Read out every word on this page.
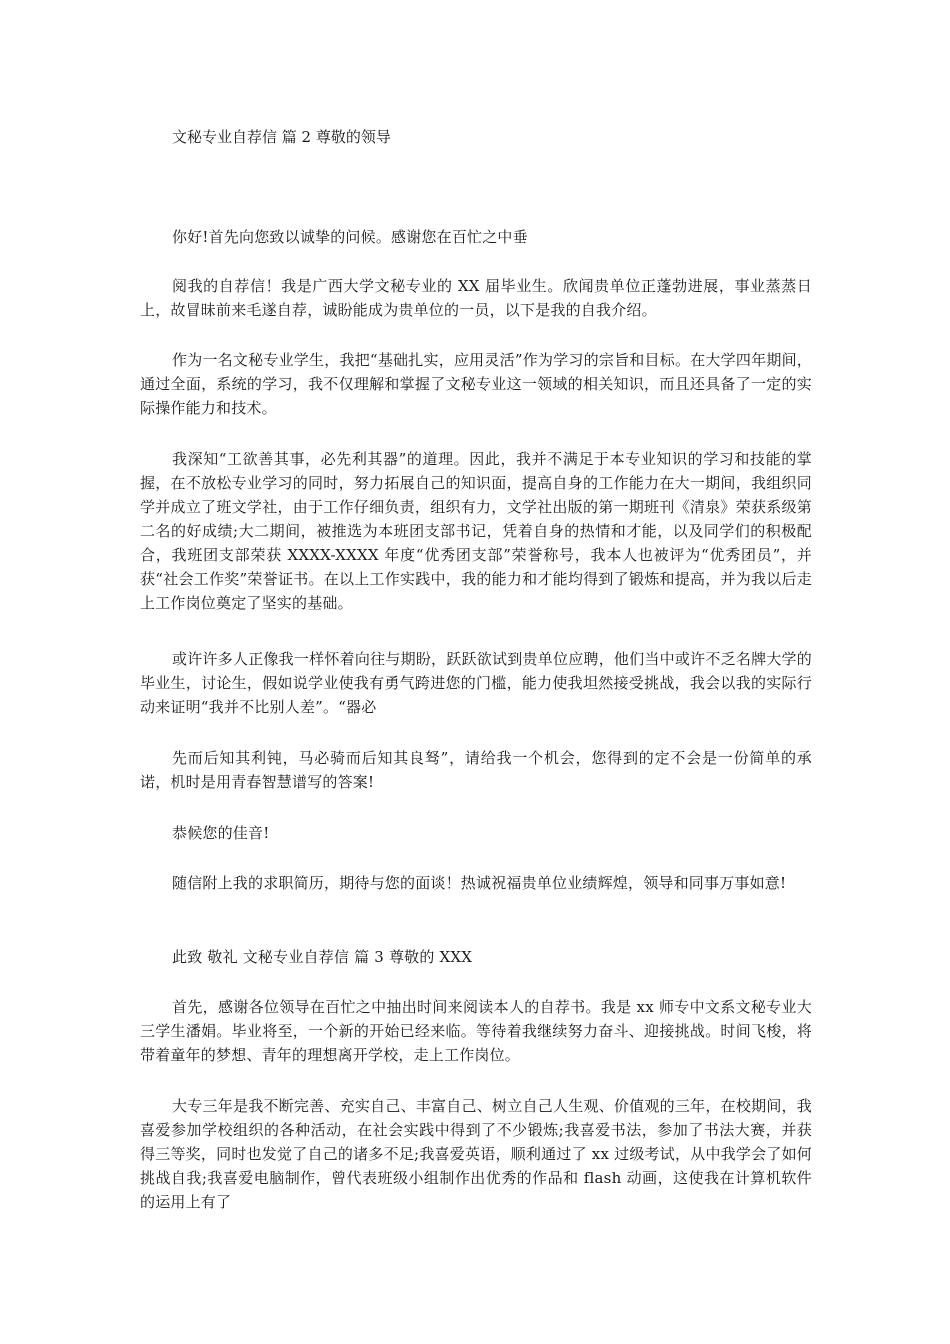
文秘专业自荐信 篇 2 尊敬的领导

你好!首先向您致以诚挚的问候。感谢您在百忙之中垂

阅我的自荐信！我是广西大学文秘专业的 XX 届毕业生。欣闻贵单位正蓬勃进展，事业蒸蒸日上，故冒昧前来毛遂自荐，诚盼能成为贵单位的一员，以下是我的自我介绍。

作为一名文秘专业学生，我把“基础扎实，应用灵活”作为学习的宗旨和目标。在大学四年期间，通过全面，系统的学习，我不仅理解和掌握了文秘专业这一领域的相关知识，而且还具备了一定的实际操作能力和技术。

我深知“工欲善其事，必先利其器”的道理。因此，我并不满足于本专业知识的学习和技能的掌握，在不放松专业学习的同时，努力拓展自己的知识面，提高自身的工作能力在大一期间，我组织同学并成立了班文学社，由于工作仔细负责，组织有力，文学社出版的第一期班刊《清泉》荣获系级第二名的好成绩;大二期间，被推选为本班团支部书记，凭着自身的热情和才能，以及同学们的积极配合，我班团支部荣获 XXXX-XXXX 年度“优秀团支部”荣誉称号，我本人也被评为“优秀团员”，并获“社会工作奖”荣誉证书。在以上工作实践中，我的能力和才能均得到了锻炼和提高，并为我以后走上工作岗位奠定了坚实的基础。

或许许多人正像我一样怀着向往与期盼，跃跃欲试到贵单位应聘，他们当中或许不乏名牌大学的毕业生，讨论生，假如说学业使我有勇气跨进您的门槛，能力使我坦然接受挑战，我会以我的实际行动来证明“我并不比别人差”。“器必

先而后知其利钝，马必骑而后知其良驽”，请给我一个机会，您得到的定不会是一份简单的承诺，机时是用青春智慧谱写的答案!

恭候您的佳音!

随信附上我的求职简历，期待与您的面谈！热诚祝福贵单位业绩辉煌，领导和同事万事如意!

此致 敬礼 文秘专业自荐信 篇 3 尊敬的 XXX

首先，感谢各位领导在百忙之中抽出时间来阅读本人的自荐书。我是 xx 师专中文系文秘专业大三学生潘娟。毕业将至，一个新的开始已经来临。等待着我继续努力奋斗、迎接挑战。时间飞梭，将带着童年的梦想、青年的理想离开学校，走上工作岗位。

大专三年是我不断完善、充实自己、丰富自己、树立自己人生观、价值观的三年，在校期间，我喜爱参加学校组织的各种活动，在社会实践中得到了不少锻炼;我喜爱书法，参加了书法大赛，并获得三等奖，同时也发觉了自己的诸多不足;我喜爱英语，顺利通过了 xx 过级考试，从中我学会了如何挑战自我;我喜爱电脑制作，曾代表班级小组制作出优秀的作品和 flash 动画，这使我在计算机软件的运用上有了
